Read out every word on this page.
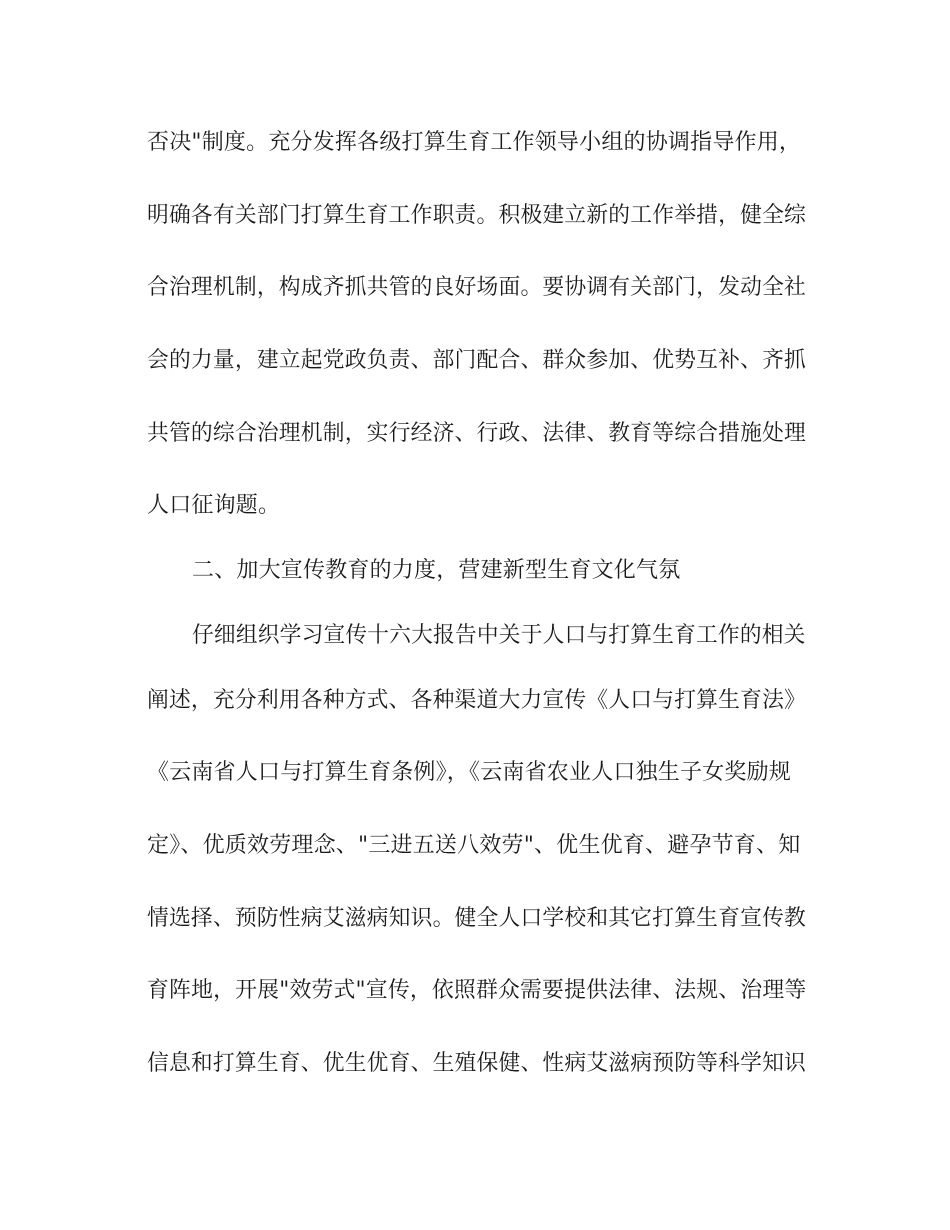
否决"制度。充分发挥各级打算生育工作领导小组的协调指导作用，
明确各有关部门打算生育工作职责。积极建立新的工作举措，健全综
合治理机制，构成齐抓共管的良好场面。要协调有关部门，发动全社
会的力量，建立起党政负责、部门配合、群众参加、优势互补、齐抓
共管的综合治理机制，实行经济、行政、法律、教育等综合措施处理
人口征询题。
二、加大宣传教育的力度，营建新型生育文化气氛
仔细组织学习宣传十六大报告中关于人口与打算生育工作的相关
阐述，充分利用各种方式、各种渠道大力宣传《人口与打算生育法》
《云南省人口与打算生育条例》，《云南省农业人口独生子女奖励规
定》、优质效劳理念、"三进五送八效劳"、优生优育、避孕节育、知
情选择、预防性病艾滋病知识。健全人口学校和其它打算生育宣传教
育阵地，开展"效劳式"宣传，依照群众需要提供法律、法规、治理等
信息和打算生育、优生优育、生殖保健、性病艾滋病预防等科学知识
